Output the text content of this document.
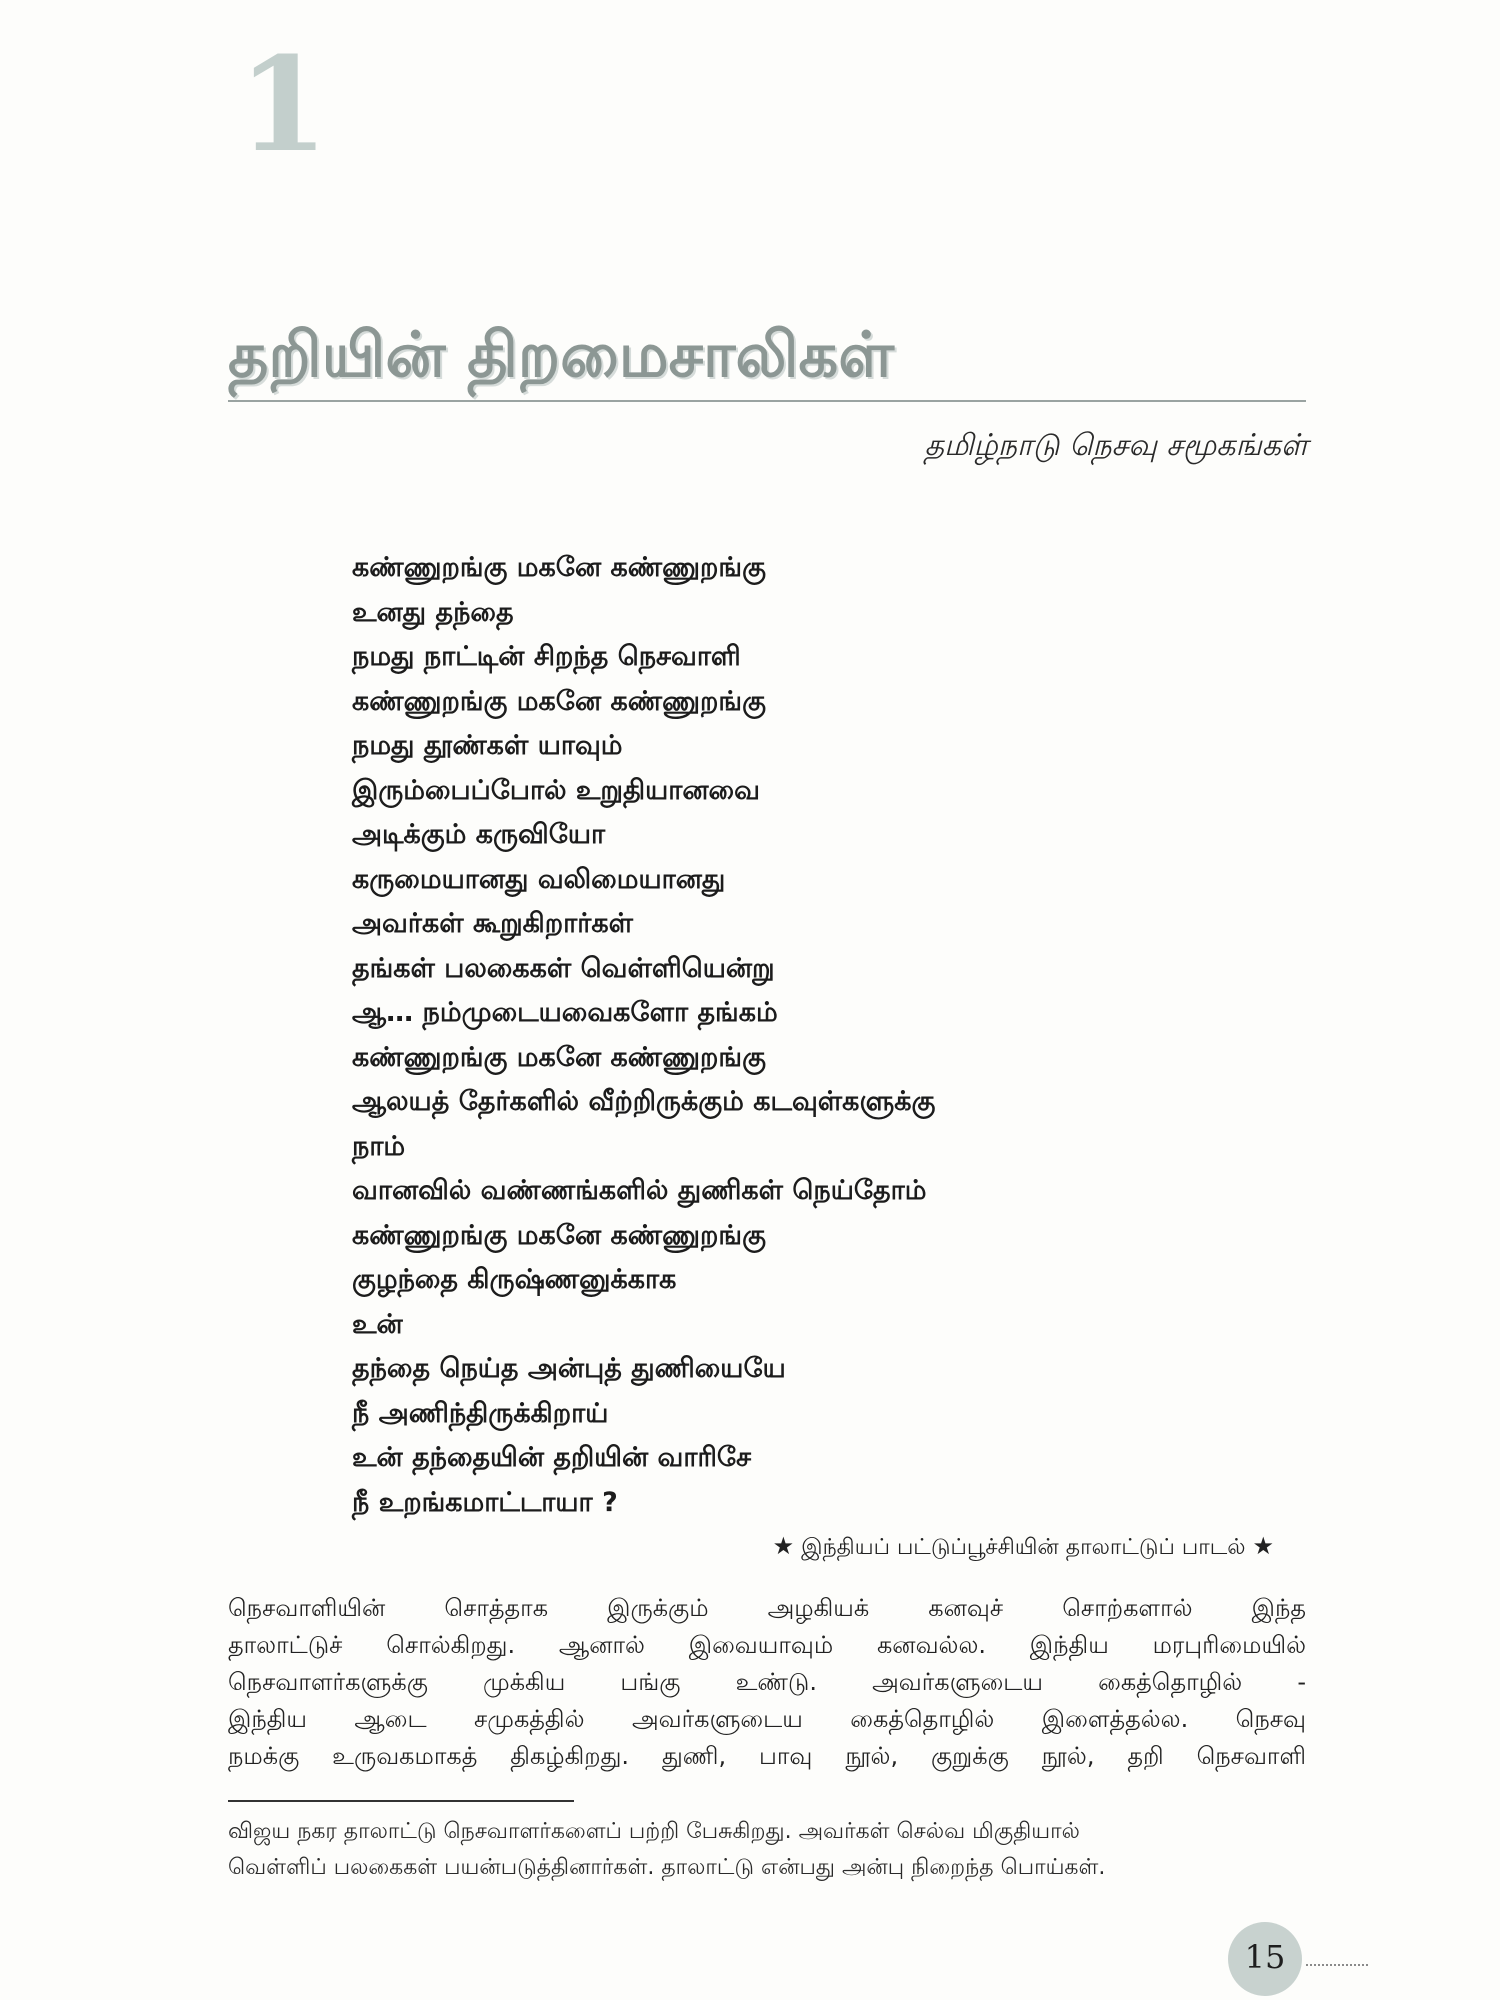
1
தறியின் திறமைசாலிகள்
தமிழ்நாடு நெசவு சமூகங்கள்
கண்ணுறங்கு மகனே கண்ணுறங்கு
உனது தந்தை
நமது நாட்டின் சிறந்த நெசவாளி
கண்ணுறங்கு மகனே கண்ணுறங்கு
நமது தூண்கள் யாவும்
இரும்பைப்போல் உறுதியானவை
அடிக்கும் கருவியோ
கருமையானது வலிமையானது
அவர்கள் கூறுகிறார்கள்
தங்கள் பலகைகள் வெள்ளியென்று
ஆ… நம்முடையவைகளோ தங்கம்
கண்ணுறங்கு மகனே கண்ணுறங்கு
ஆலயத் தேர்களில் வீற்றிருக்கும் கடவுள்களுக்கு
நாம்
வானவில் வண்ணங்களில் துணிகள் நெய்தோம்
கண்ணுறங்கு மகனே கண்ணுறங்கு
குழந்தை கிருஷ்ணனுக்காக
உன்
தந்தை நெய்த அன்புத் துணியையே
நீ அணிந்திருக்கிறாய்
உன் தந்தையின் தறியின் வாரிசே
நீ உறங்கமாட்டாயா ?
★ இந்தியப் பட்டுப்பூச்சியின் தாலாட்டுப் பாடல் ★
நெசவாளியின் சொத்தாக இருக்கும் அழகியக் கனவுச் சொற்களால் இந்த
தாலாட்டுச் சொல்கிறது. ஆனால் இவையாவும் கனவல்ல. இந்திய மரபுரிமையில்
நெசவாளர்களுக்கு முக்கிய பங்கு உண்டு. அவர்களுடைய கைத்தொழில் -
இந்திய ஆடை சமுகத்தில் அவர்களுடைய கைத்தொழில் இளைத்தல்ல. நெசவு
நமக்கு உருவகமாகத் திகழ்கிறது. துணி, பாவு நூல், குறுக்கு நூல், தறி நெசவாளி
விஜய நகர தாலாட்டு நெசவாளர்களைப் பற்றி பேசுகிறது. அவர்கள் செல்வ மிகுதியால்
வெள்ளிப் பலகைகள் பயன்படுத்தினார்கள். தாலாட்டு என்பது அன்பு நிறைந்த பொய்கள்.
15
